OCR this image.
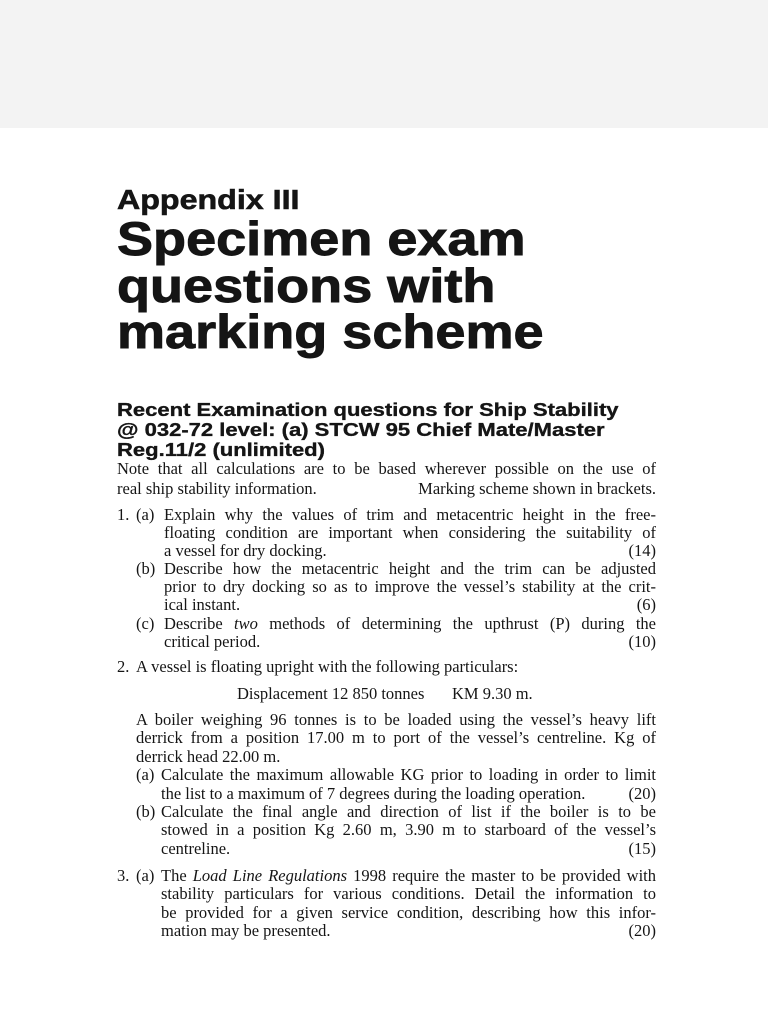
Appendix III
Specimen exam
questions with
marking scheme
Recent Examination questions for Ship Stability
@ 032-72 level: (a) STCW 95 Chief Mate/Master
Reg.11/2 (unlimited)
Note that all calculations are to be based wherever possible on the use of
real ship stability information.	Marking scheme shown in brackets.
1. (a) Explain why the values of trim and metacentric height in the free-
floating condition are important when considering the suitability of
a vessel for dry docking.	(14)
(b) Describe how the metacentric height and the trim can be adjusted
prior to dry docking so as to improve the vessel’s stability at the crit-
ical instant.	(6)
(c) Describe two methods of determining the upthrust (P) during the
critical period.	(10)
2. A vessel is floating upright with the following particulars:
Displacement 12 850 tonnes KM 9.30 m.
A boiler weighing 96 tonnes is to be loaded using the vessel’s heavy lift
derrick from a position 17.00 m to port of the vessel’s centreline. Kg of
derrick head 22.00 m.
(a) Calculate the maximum allowable KG prior to loading in order to limit
the list to a maximum of 7 degrees during the loading operation.	(20)
(b) Calculate the final angle and direction of list if the boiler is to be
stowed in a position Kg 2.60 m, 3.90 m to starboard of the vessel’s
centreline.	(15)
3. (a) The Load Line Regulations 1998 require the master to be provided with
stability particulars for various conditions. Detail the information to
be provided for a given service condition, describing how this infor-
mation may be presented.	(20)
